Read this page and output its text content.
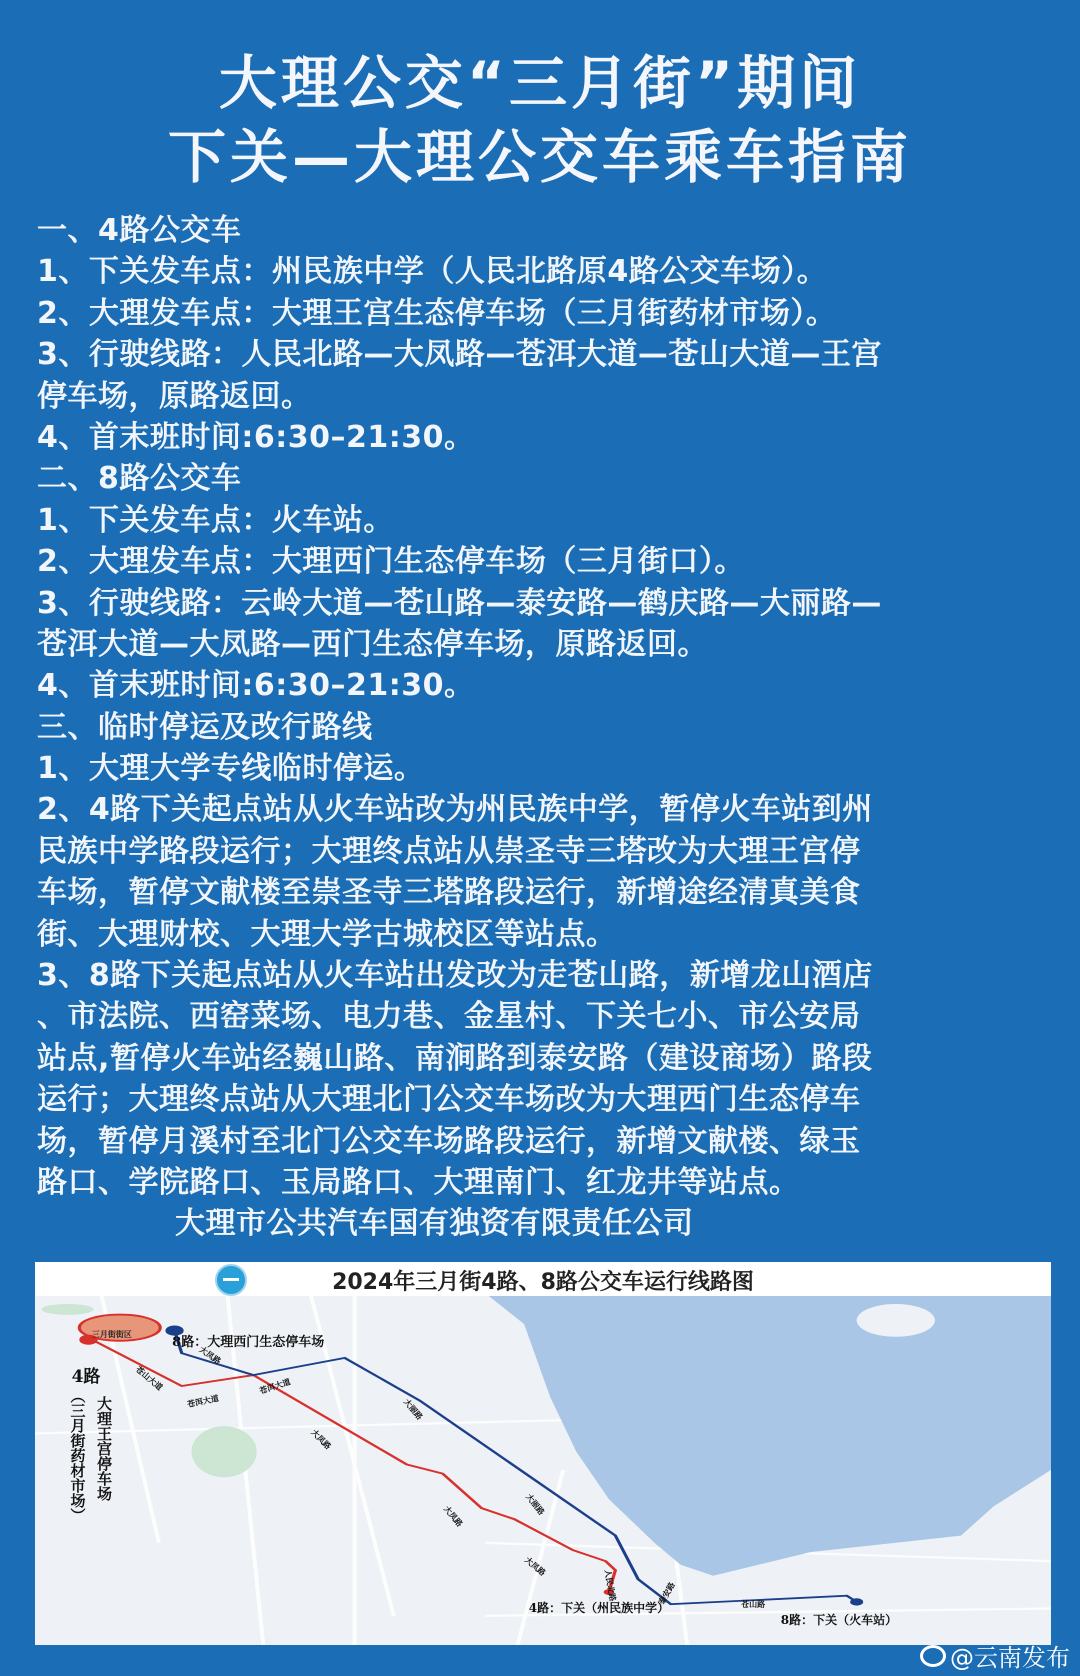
大理公交“三月街”期间
下关—大理公交车乘车指南
一、4路公交车
1、下关发车点：州民族中学（人民北路原4路公交车场）。
2、大理发车点：大理王宫生态停车场（三月街药材市场）。
3、行驶线路：人民北路—大凤路—苍洱大道—苍山大道—王宫
停车场，原路返回。
4、首末班时间:6:30–21:30。
二、8路公交车
1、下关发车点：火车站。
2、大理发车点：大理西门生态停车场（三月街口）。
3、行驶线路：云岭大道—苍山路—泰安路—鹤庆路—大丽路—
苍洱大道—大凤路—西门生态停车场，原路返回。
4、首末班时间:6:30–21:30。
三、临时停运及改行路线
1、大理大学专线临时停运。
2、4路下关起点站从火车站改为州民族中学，暂停火车站到州
民族中学路段运行；大理终点站从崇圣寺三塔改为大理王宫停
车场，暂停文献楼至崇圣寺三塔路段运行，新增途经清真美食
街、大理财校、大理大学古城校区等站点。
3、8路下关起点站从火车站出发改为走苍山路，新增龙山酒店
、市法院、西窑菜场、电力巷、金星村、下关七小、市公安局
站点,暂停火车站经巍山路、南涧路到泰安路（建设商场）路段
运行；大理终点站从大理北门公交车场改为大理西门生态停车
场，暂停月溪村至北门公交车场路段运行，新增文献楼、绿玉
路口、学院路口、玉局路口、大理南门、红龙井等站点。
大理市公共汽车国有独资有限责任公司
2024年三月街4路、8路公交车运行线路图
三月街街区
8路：大理西门生态停车场
4路
大理王宫停车场
（三月街药材市场）
4路：下关（州民族中学）
8路：下关（火车站）
苍山大道
苍洱大道
苍洱大道
大凤路
大丽路
大凤路
大丽路
大凤路
大凤路
人民北路	泰安路	苍山路
@云南发布
